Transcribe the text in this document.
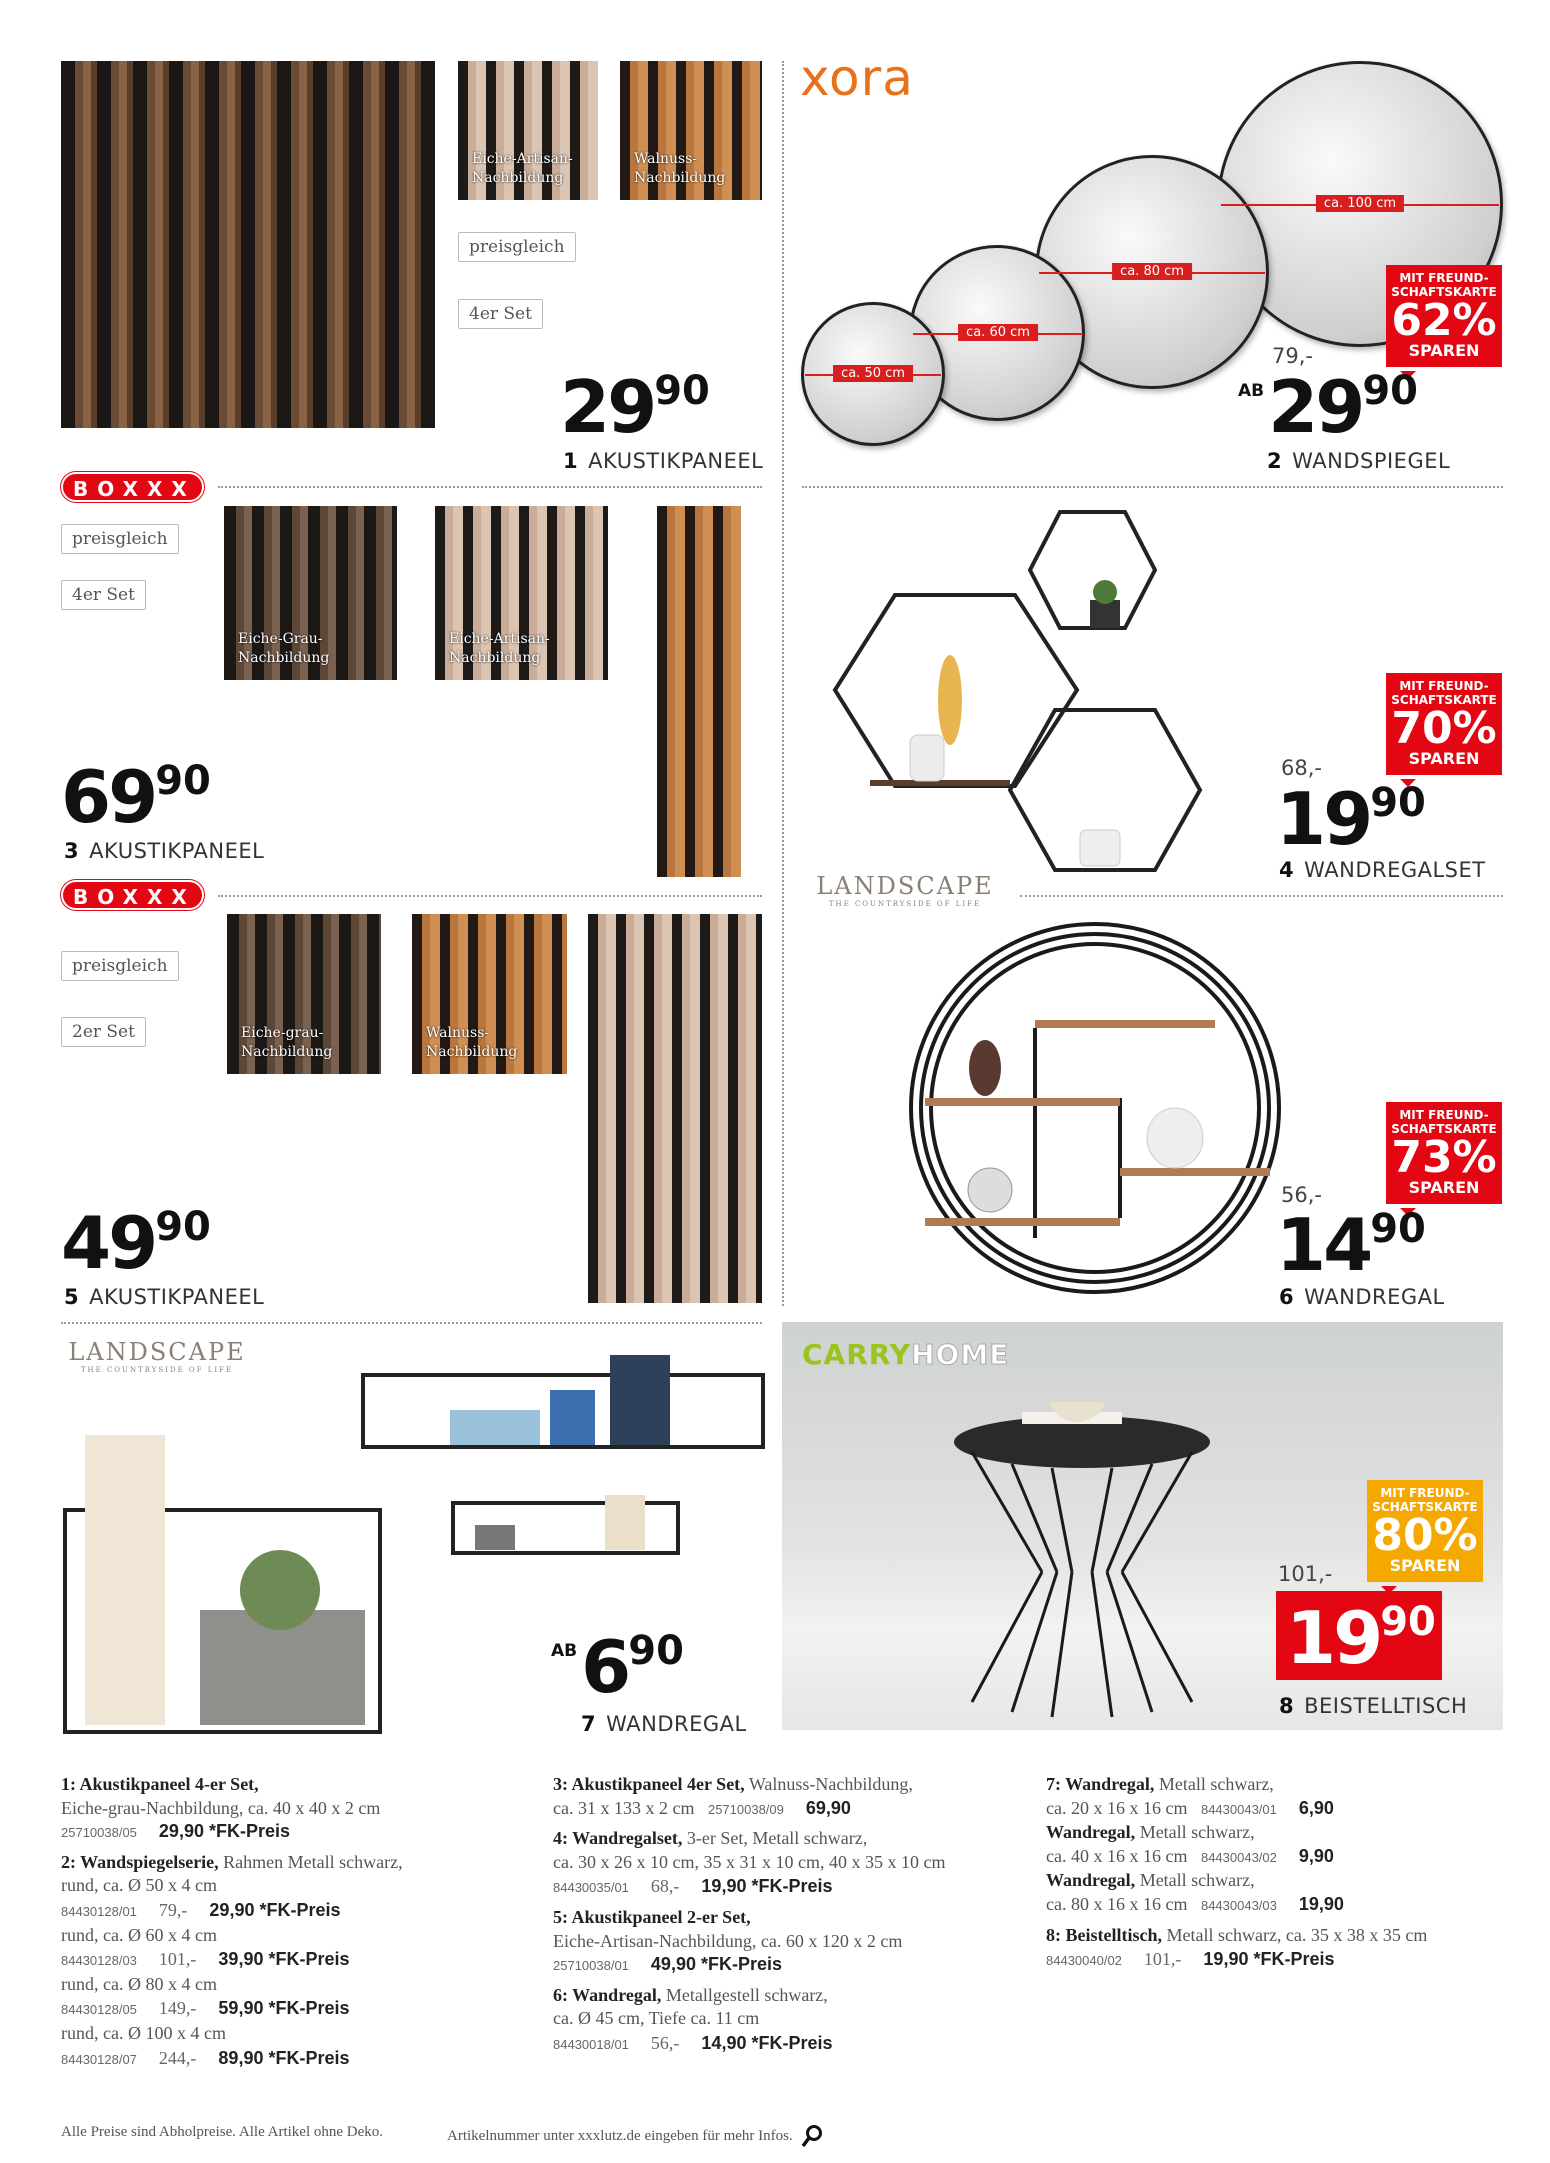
Eiche-Artisan-
Nachbildung
Walnuss-
Nachbildung
preisgleich
4er Set
$29^{90}$
1 AKUSTIKPANEEL
xora
ca. 50 cm
ca. 60 cm
ca. 80 cm
ca. 100 cm
MIT FREUND-
SCHAFTSKARTE
62%
SPAREN
79,-
$^{AB}29^{90}$
2 WANDSPIEGEL
BOXXX
preisgleich
4er Set
Eiche-Grau-
Nachbildung
Eiche-Artisan-
Nachbildung
$69^{90}$
3 AKUSTIKPANEEL
MIT FREUND-
SCHAFTSKARTE
70%
SPAREN
68,-
$19^{90}$
4 WANDREGALSET
BOXXX
preisgleich
2er Set	Eiche-grau-
Nachbildung
Walnuss-
Nachbildung
$49^{90}$
5 AKUSTIKPANEEL
LANDSCAPE
THE COUNTRYSIDE OF LIFE
MIT FREUND-
SCHAFTSKARTE
73%
SPAREN
56,-
$14^{90}$
6 WANDREGAL
LANDSCAPE
THE COUNTRYSIDE OF LIFE
$^{AB}6^{90}$
7 WANDREGAL
CARRYHOME
MIT FREUND-
SCHAFTSKARTE
80%
SPAREN
101,-
$19^{90}$
8 BEISTELLTISCH
1: Akustikpaneel 4-er Set,
Eiche-grau-Nachbildung, ca. 40 x 40 x 2 cm
25710038/05 29,90 *FK-Preis
2: Wandspiegelserie, Rahmen Metall schwarz,
rund, ca. Ø 50 x 4 cm
84430128/01 79,- 29,90 *FK-Preis
rund, ca. Ø 60 x 4 cm
84430128/03 101,- 39,90 *FK-Preis
rund, ca. Ø 80 x 4 cm
84430128/05 149,- 59,90 *FK-Preis
rund, ca. Ø 100 x 4 cm
84430128/07 244,- 89,90 *FK-Preis
3: Akustikpaneel 4er Set, Walnuss-Nachbildung,
ca. 31 x 133 x 2 cm   25710038/09 69,90
4: Wandregalset, 3-er Set, Metall schwarz,
ca. 30 x 26 x 10 cm, 35 x 31 x 10 cm, 40 x 35 x 10 cm
84430035/01 68,- 19,90 *FK-Preis
5: Akustikpaneel 2-er Set,
Eiche-Artisan-Nachbildung, ca. 60 x 120 x 2 cm
25710038/01 49,90 *FK-Preis
6: Wandregal, Metallgestell schwarz,
ca. Ø 45 cm, Tiefe ca. 11 cm
84430018/01 56,- 14,90 *FK-Preis
7: Wandregal, Metall schwarz,
ca. 20 x 16 x 16 cm   84430043/01 6,90
Wandregal, Metall schwarz,
ca. 40 x 16 x 16 cm   84430043/02 9,90
Wandregal, Metall schwarz,
ca. 80 x 16 x 16 cm   84430043/03 19,90
8: Beistelltisch, Metall schwarz, ca. 35 x 38 x 35 cm
84430040/02 101,- 19,90 *FK-Preis
Alle Preise sind Abholpreise. Alle Artikel ohne Deko.	Artikelnummer unter xxxlutz.de eingeben für mehr Infos.
